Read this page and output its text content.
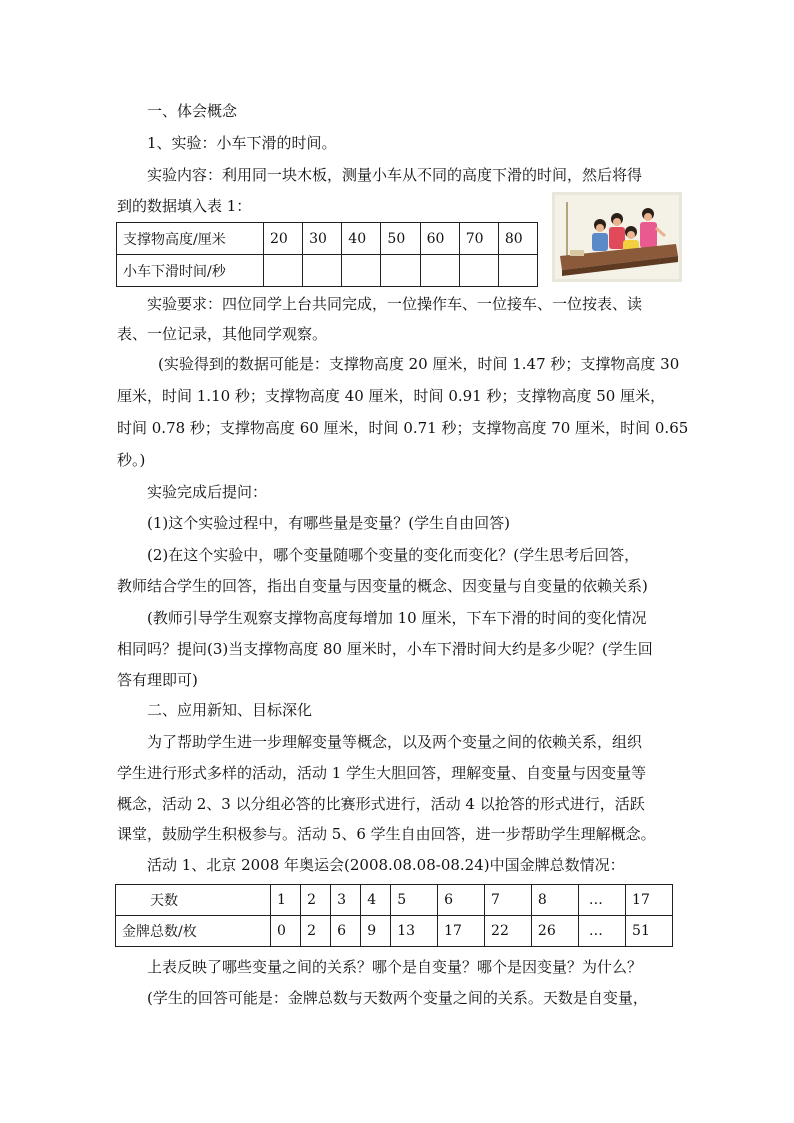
一、体会概念
1、实验：小车下滑的时间。
实验内容：利用同一块木板，测量小车从不同的高度下滑的时间，然后将得
到的数据填入表 1：
支撑物高度/厘米	20	30	40	50	60	70	80
小车下滑时间/秒							
实验要求：四位同学上台共同完成，一位操作车、一位接车、一位按表、读
表、一位记录，其他同学观察。
(实验得到的数据可能是：支撑物高度 20 厘米，时间 1.47 秒；支撑物高度 30
厘米，时间 1.10 秒；支撑物高度 40 厘米，时间 0.91 秒；支撑物高度 50 厘米，
时间 0.78 秒；支撑物高度 60 厘米，时间 0.71 秒；支撑物高度 70 厘米，时间 0.65
秒。)
实验完成后提问：
(1)这个实验过程中，有哪些量是变量？(学生自由回答)
(2)在这个实验中，哪个变量随哪个变量的变化而变化？(学生思考后回答，
教师结合学生的回答，指出自变量与因变量的概念、因变量与自变量的依赖关系)
(教师引导学生观察支撑物高度每增加 10 厘米，下车下滑的时间的变化情况
相同吗？提问(3)当支撑物高度 80 厘米时，小车下滑时间大约是多少呢？(学生回
答有理即可)
二、应用新知、目标深化
为了帮助学生进一步理解变量等概念，以及两个变量之间的依赖关系，组织
学生进行形式多样的活动，活动 1 学生大胆回答，理解变量、自变量与因变量等
概念，活动 2、3 以分组必答的比赛形式进行，活动 4 以抢答的形式进行，活跃
课堂，鼓励学生积极参与。活动 5、6 学生自由回答，进一步帮助学生理解概念。
活动 1、北京 2008 年奥运会(2008.08.08-08.24)中国金牌总数情况：
天数	1	2	3	4	5	6	7	8	…	17
金牌总数/枚	0	2	6	9	13	17	22	26	…	51
上表反映了哪些变量之间的关系？哪个是自变量？哪个是因变量？为什么？
(学生的回答可能是：金牌总数与天数两个变量之间的关系。天数是自变量，
